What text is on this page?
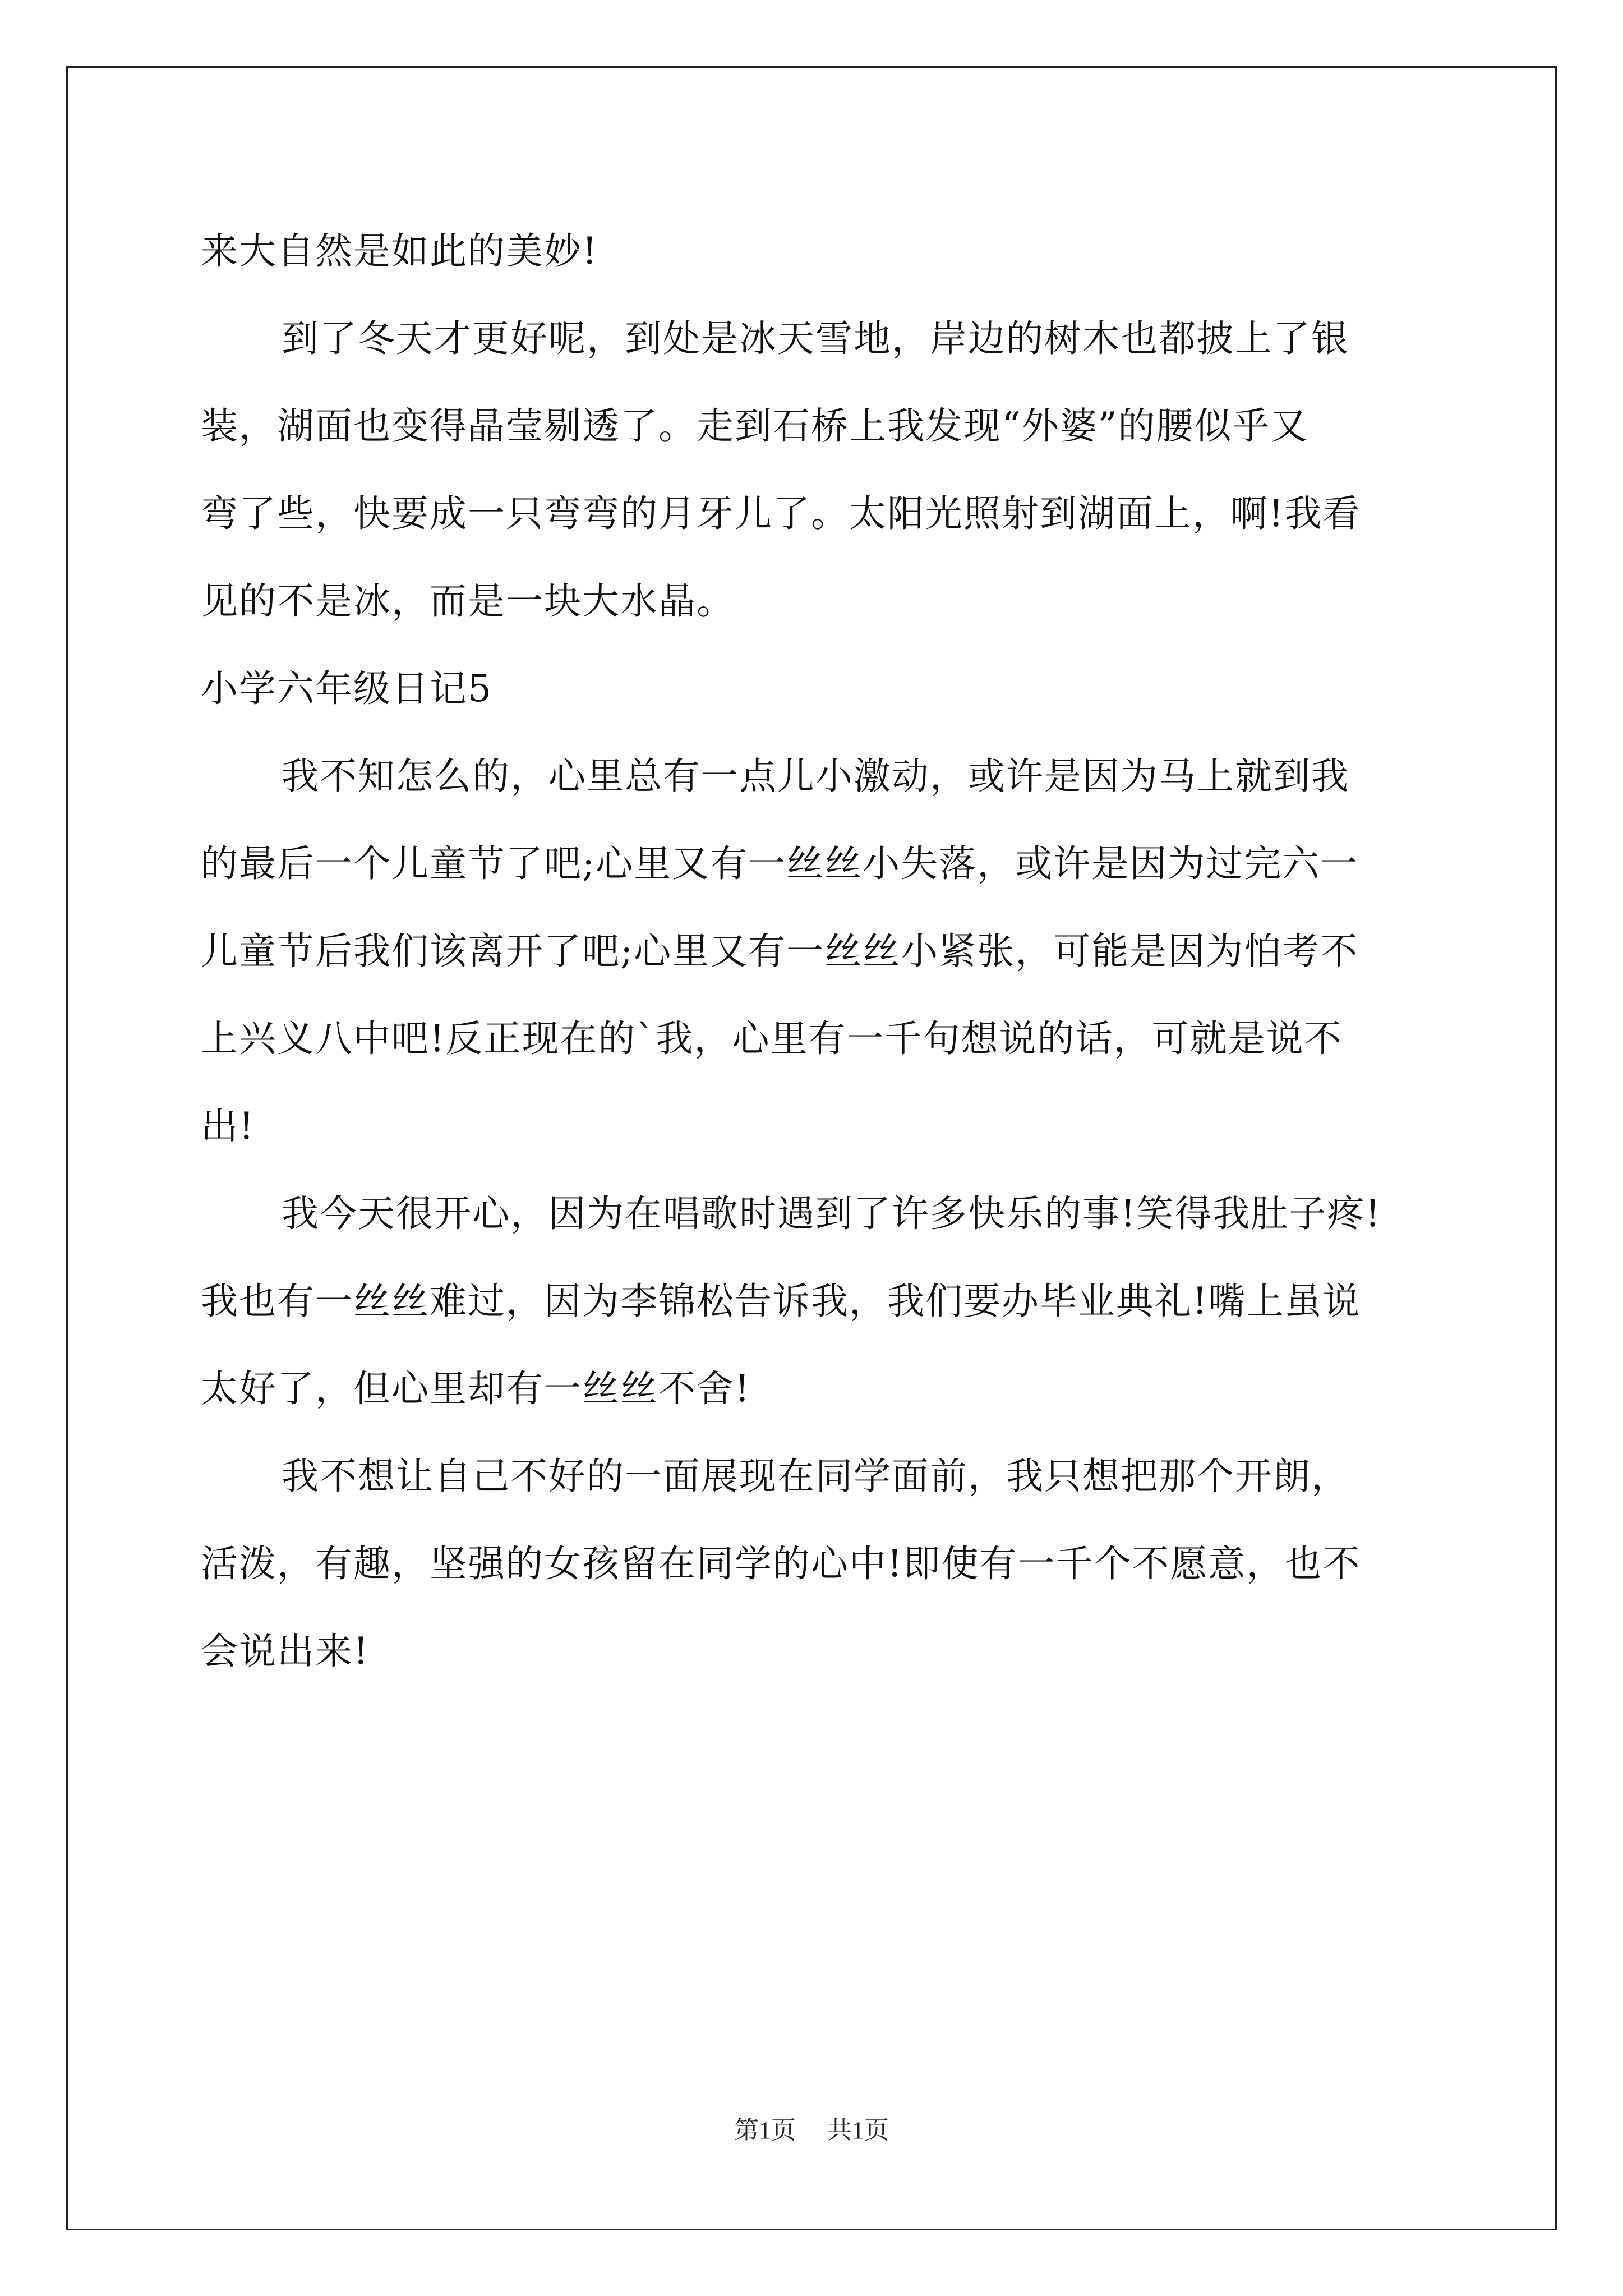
来大自然是如此的美妙!
到了冬天才更好呢，到处是冰天雪地，岸边的树木也都披上了银
装，湖面也变得晶莹剔透了。走到石桥上我发现“外婆”的腰似乎又
弯了些，快要成一只弯弯的月牙儿了。太阳光照射到湖面上，啊!我看
见的不是冰，而是一块大水晶。
小学六年级日记5
我不知怎么的，心里总有一点儿小激动，或许是因为马上就到我
的最后一个儿童节了吧;心里又有一丝丝小失落，或许是因为过完六一
儿童节后我们该离开了吧;心里又有一丝丝小紧张，可能是因为怕考不
上兴义八中吧!反正现在的`我，心里有一千句想说的话，可就是说不
出!
我今天很开心，因为在唱歌时遇到了许多快乐的事!笑得我肚子疼!
我也有一丝丝难过，因为李锦松告诉我，我们要办毕业典礼!嘴上虽说
太好了，但心里却有一丝丝不舍!
我不想让自己不好的一面展现在同学面前，我只想把那个开朗，
活泼，有趣，坚强的女孩留在同学的心中!即使有一千个不愿意，也不
会说出来!
第1页 共1页
